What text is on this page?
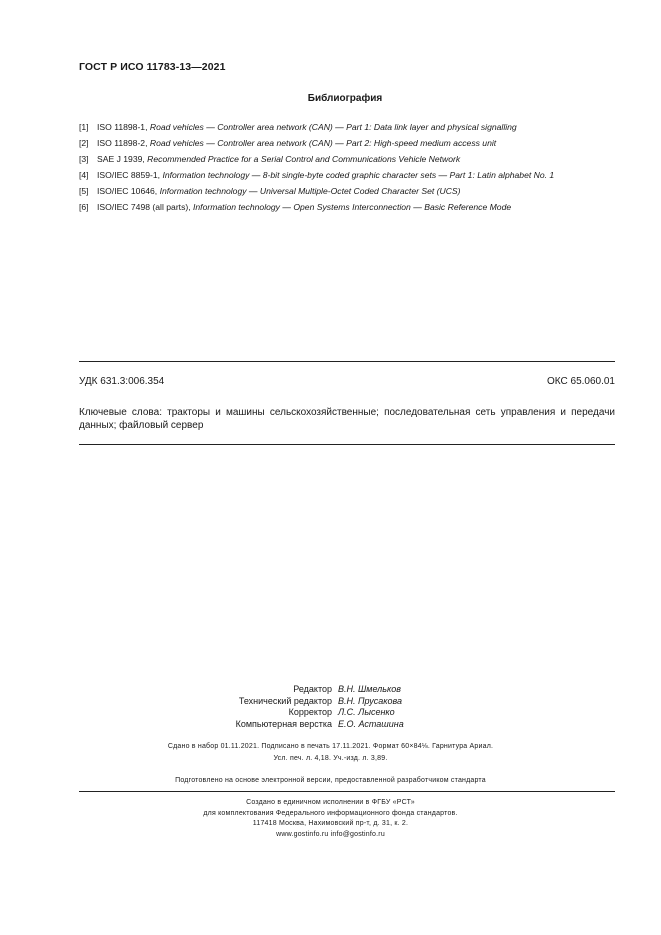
ГОСТ Р ИСО 11783-13—2021
Библиография
[1] ISO 11898-1, Road vehicles — Controller area network (CAN) — Part 1: Data link layer and physical signalling
[2] ISO 11898-2, Road vehicles — Controller area network (CAN) — Part 2: High-speed medium access unit
[3] SAE J 1939, Recommended Practice for a Serial Control and Communications Vehicle Network
[4] ISO/IEC 8859-1, Information technology — 8-bit single-byte coded graphic character sets — Part 1: Latin alphabet No. 1
[5] ISO/IEC 10646, Information technology — Universal Multiple-Octet Coded Character Set (UCS)
[6] ISO/IEC 7498 (all parts), Information technology — Open Systems Interconnection — Basic Reference Mode
УДК 631.3:006.354	ОКС 65.060.01
Ключевые слова: тракторы и машины сельскохозяйственные; последовательная сеть управления и передачи данных; файловый сервер
Редактор В.Н. Шмельков
Технический редактор В.Н. Прусакова
Корректор Л.С. Лысенко
Компьютерная верстка Е.О. Асташина
Сдано в набор 01.11.2021. Подписано в печать 17.11.2021. Формат 60×84⅛. Гарнитура Ариал.
Усл. печ. л. 4,18. Уч.-изд. л. 3,89.
Подготовлено на основе электронной версии, предоставленной разработчиком стандарта
Создано в единичном исполнении в ФГБУ «РСТ»
для комплектования Федерального информационного фонда стандартов.
117418 Москва, Нахимовский пр-т, д. 31, к. 2.
www.gostinfo.ru info@gostinfo.ru
